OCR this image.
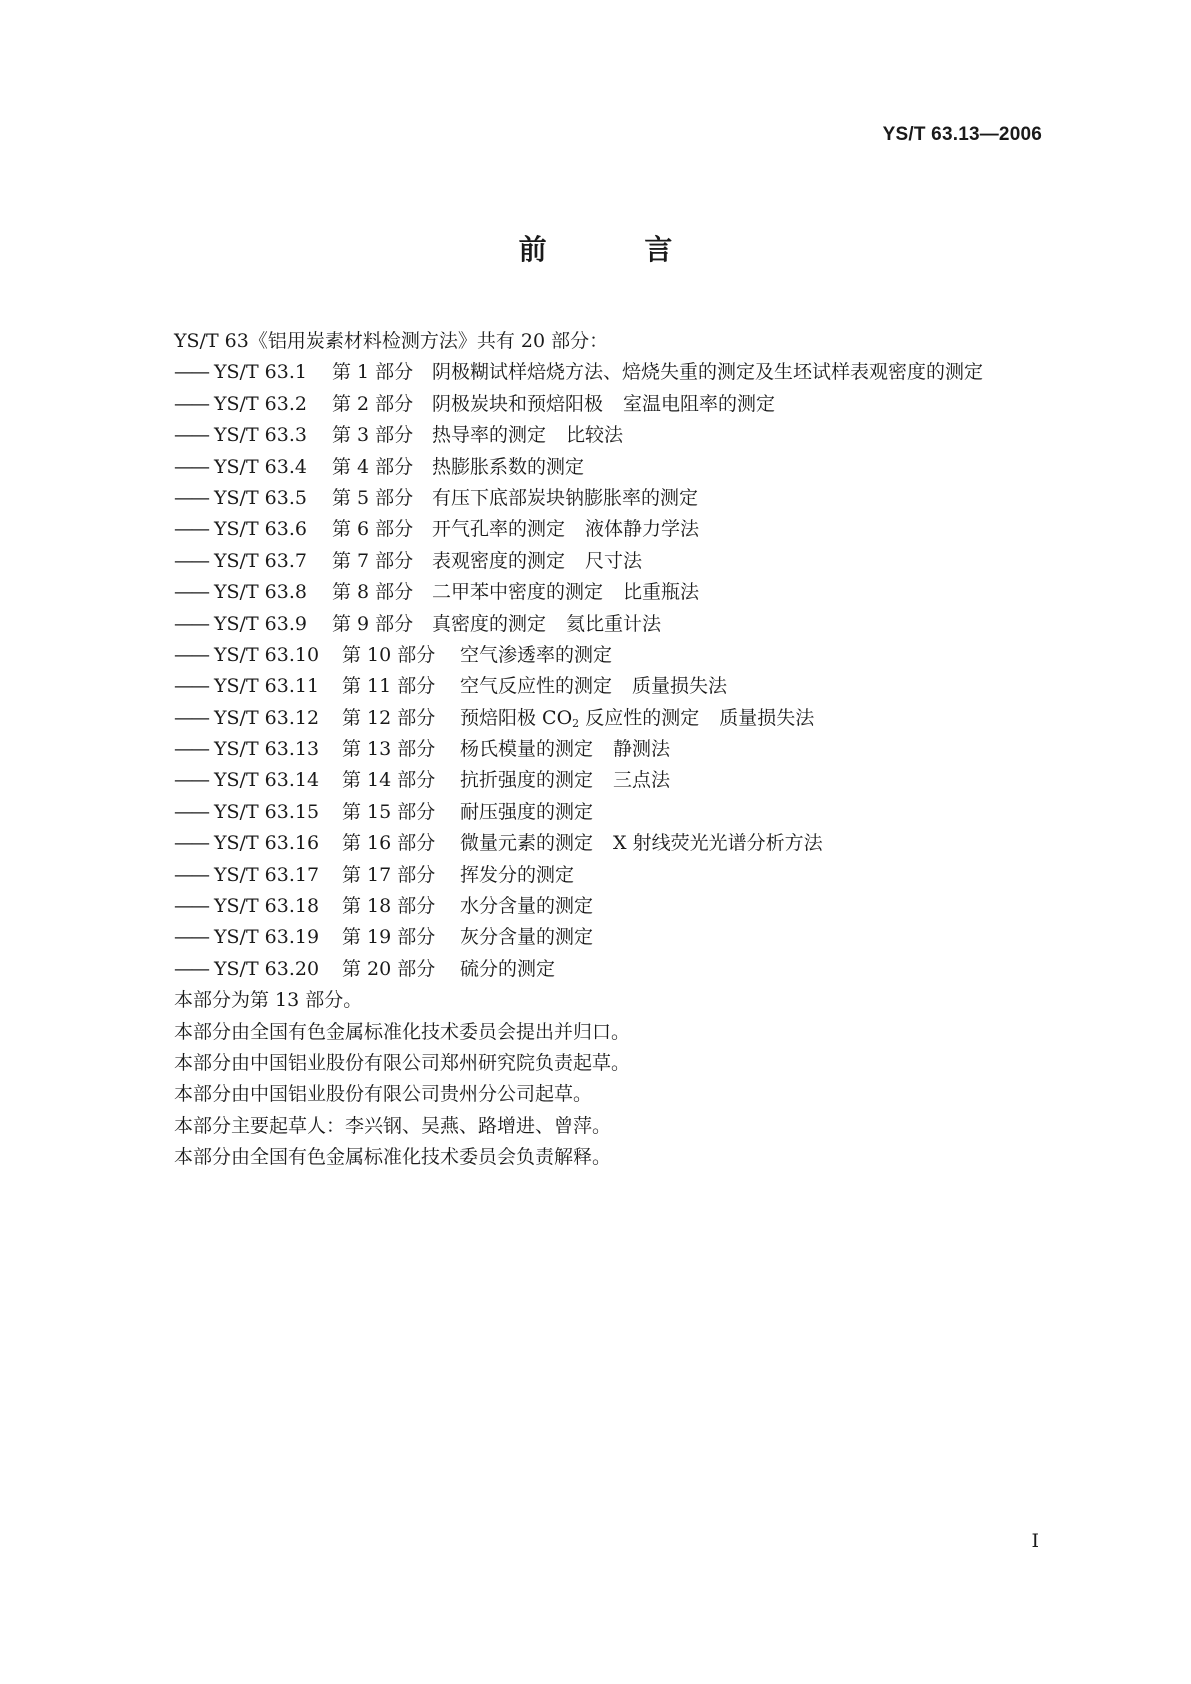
YS/T 63.13—2006
前 言

YS/T 63《铝用炭素材料检测方法》共有 20 部分：

—— YS/T 63.1 第 1 部分 阴极糊试样焙烧方法、焙烧失重的测定及生坯试样表观密度的测定

—— YS/T 63.2 第 2 部分 阴极炭块和预焙阳极 室温电阻率的测定

—— YS/T 63.3 第 3 部分 热导率的测定 比较法

—— YS/T 63.4 第 4 部分 热膨胀系数的测定

—— YS/T 63.5 第 5 部分 有压下底部炭块钠膨胀率的测定

—— YS/T 63.6 第 6 部分 开气孔率的测定 液体静力学法

—— YS/T 63.7 第 7 部分 表观密度的测定 尺寸法

—— YS/T 63.8 第 8 部分 二甲苯中密度的测定 比重瓶法

—— YS/T 63.9 第 9 部分 真密度的测定 氦比重计法

—— YS/T 63.10 第 10 部分 空气渗透率的测定

—— YS/T 63.11 第 11 部分 空气反应性的测定 质量损失法

—— YS/T 63.12 第 12 部分 预焙阳极 $CO_2$ 反应性的测定 质量损失法

—— YS/T 63.13 第 13 部分 杨氏模量的测定 静测法

—— YS/T 63.14 第 14 部分 抗折强度的测定 三点法

—— YS/T 63.15 第 15 部分 耐压强度的测定

—— YS/T 63.16 第 16 部分 微量元素的测定 X 射线荧光光谱分析方法

—— YS/T 63.17 第 17 部分 挥发分的测定

—— YS/T 63.18 第 18 部分 水分含量的测定

—— YS/T 63.19 第 19 部分 灰分含量的测定

—— YS/T 63.20 第 20 部分 硫分的测定

本部分为第 13 部分。

本部分由全国有色金属标准化技术委员会提出并归口。

本部分由中国铝业股份有限公司郑州研究院负责起草。

本部分由中国铝业股份有限公司贵州分公司起草。

本部分主要起草人：李兴钢、吴燕、路增进、曾萍。

本部分由全国有色金属标准化技术委员会负责解释。

I
